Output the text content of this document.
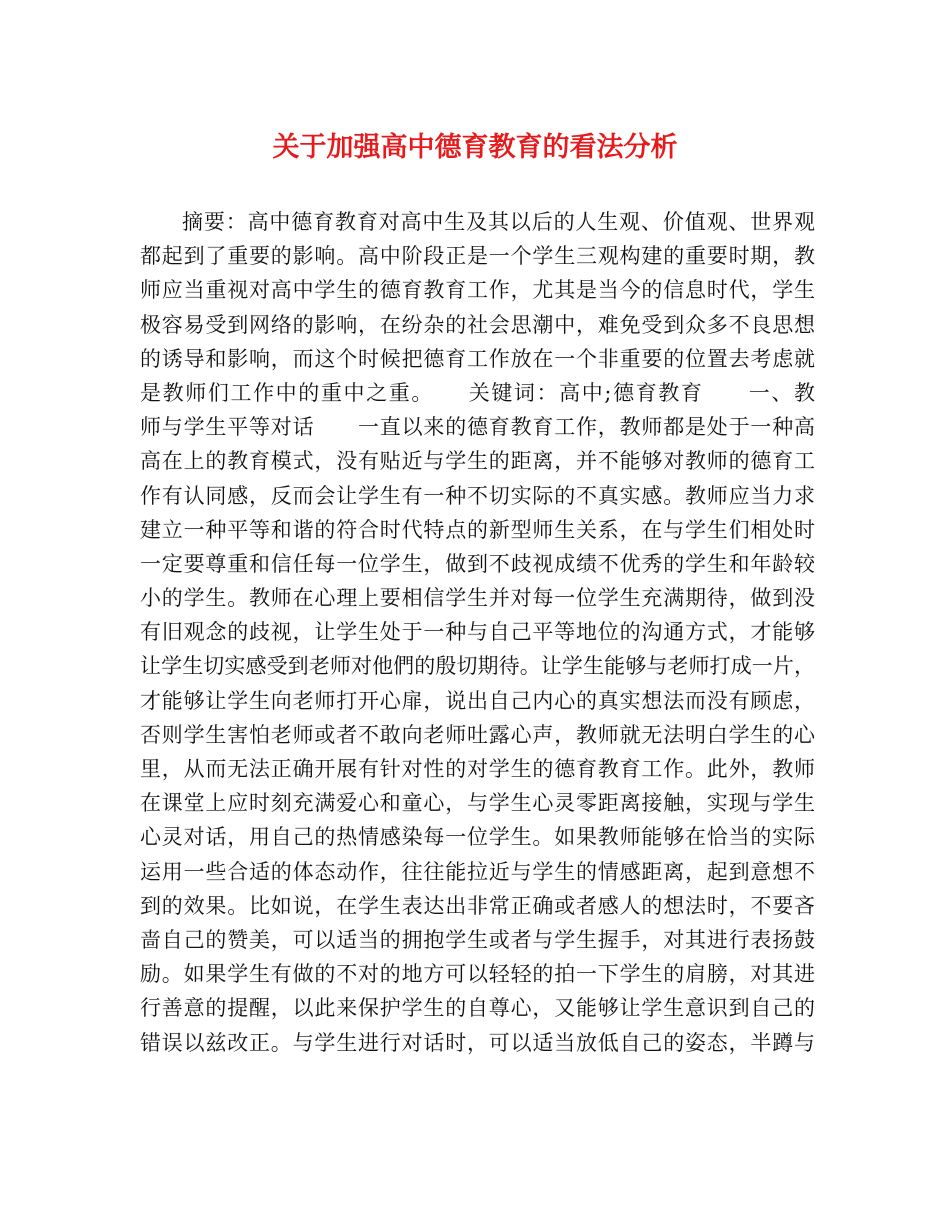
关于加强高中德育教育的看法分析
摘要：高中德育教育对高中生及其以后的人生观、价值观、世界观
都起到了重要的影响。高中阶段正是一个学生三观构建的重要时期，教
师应当重视对高中学生的德育教育工作，尤其是当今的信息时代，学生
极容易受到网络的影响，在纷杂的社会思潮中，难免受到众多不良思想
的诱导和影响，而这个时候把德育工作放在一个非重要的位置去考虑就
是教师们工作中的重中之重。　　关键词：高中;德育教育　　一、教
师与学生平等对话　　一直以来的德育教育工作，教师都是处于一种高
高在上的教育模式，没有贴近与学生的距离，并不能够对教师的德育工
作有认同感，反而会让学生有一种不切实际的不真实感。教师应当力求
建立一种平等和谐的符合时代特点的新型师生关系，在与学生们相处时
一定要尊重和信任每一位学生，做到不歧视成绩不优秀的学生和年龄较
小的学生。教师在心理上要相信学生并对每一位学生充满期待，做到没
有旧观念的歧视，让学生处于一种与自己平等地位的沟通方式，才能够
让学生切实感受到老师对他們的殷切期待。让学生能够与老师打成一片，
才能够让学生向老师打开心扉，说出自己内心的真实想法而没有顾虑，
否则学生害怕老师或者不敢向老师吐露心声，教师就无法明白学生的心
里，从而无法正确开展有针对性的对学生的德育教育工作。此外，教师
在课堂上应时刻充满爱心和童心，与学生心灵零距离接触，实现与学生
心灵对话，用自己的热情感染每一位学生。如果教师能够在恰当的实际
运用一些合适的体态动作，往往能拉近与学生的情感距离，起到意想不
到的效果。比如说，在学生表达出非常正确或者感人的想法时，不要吝
啬自己的赞美，可以适当的拥抱学生或者与学生握手，对其进行表扬鼓
励。如果学生有做的不对的地方可以轻轻的拍一下学生的肩膀，对其进
行善意的提醒，以此来保护学生的自尊心，又能够让学生意识到自己的
错误以兹改正。与学生进行对话时，可以适当放低自己的姿态，半蹲与
